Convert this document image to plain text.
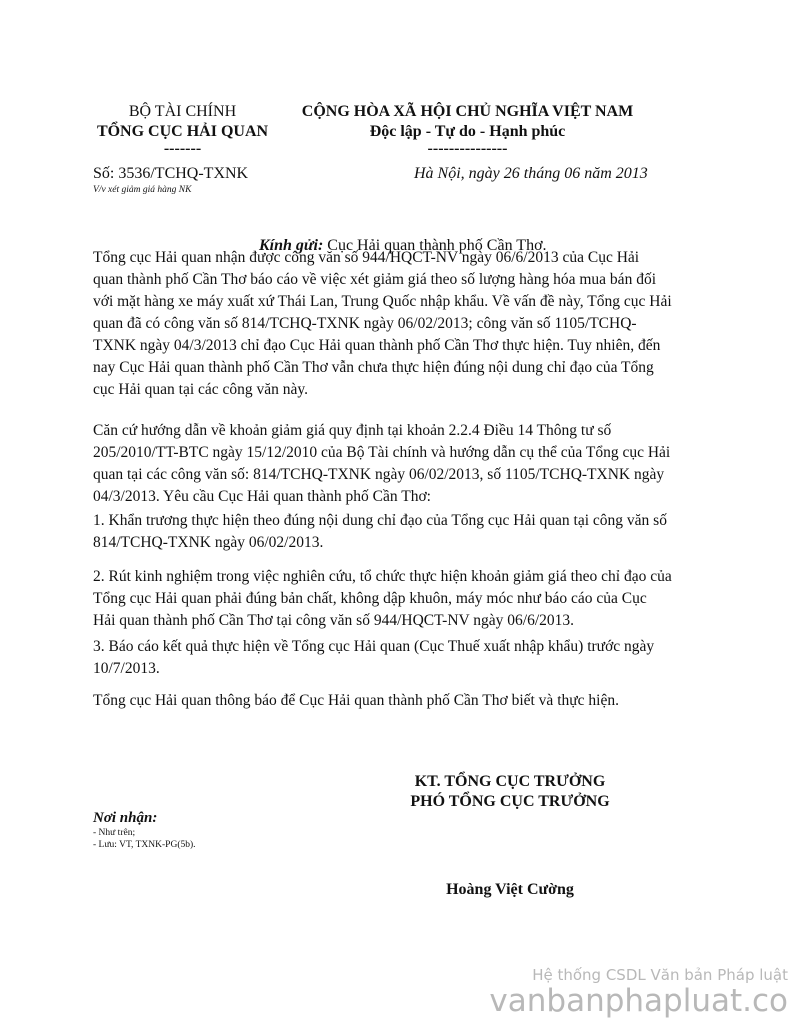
BỘ TÀI CHÍNH
TỔNG CỤC HẢI QUAN
-------
CỘNG HÒA XÃ HỘI CHỦ NGHĨA VIỆT NAM
Độc lập - Tự do - Hạnh phúc
---------------
Số: 3536/TCHQ-TXNK
V/v xét giảm giá hàng NK
Hà Nội, ngày 26 tháng 06 năm 2013
Kính gửi: Cục Hải quan thành phố Cần Thơ.

Tổng cục Hải quan nhận được công văn số 944/HQCT-NV ngày 06/6/2013 của Cục Hải quan thành phố Cần Thơ báo cáo về việc xét giảm giá theo số lượng hàng hóa mua bán đối với mặt hàng xe máy xuất xứ Thái Lan, Trung Quốc nhập khẩu. Về vấn đề này, Tổng cục Hải quan đã có công văn số 814/TCHQ-TXNK ngày 06/02/2013; công văn số 1105/TCHQ-TXNK ngày 04/3/2013 chỉ đạo Cục Hải quan thành phố Cần Thơ thực hiện. Tuy nhiên, đến nay Cục Hải quan thành phố Cần Thơ vẫn chưa thực hiện đúng nội dung chỉ đạo của Tổng cục Hải quan tại các công văn này.

Căn cứ hướng dẫn về khoản giảm giá quy định tại khoản 2.2.4 Điều 14 Thông tư số 205/2010/TT-BTC ngày 15/12/2010 của Bộ Tài chính và hướng dẫn cụ thể của Tổng cục Hải quan tại các công văn số: 814/TCHQ-TXNK ngày 06/02/2013, số 1105/TCHQ-TXNK ngày 04/3/2013. Yêu cầu Cục Hải quan thành phố Cần Thơ:

1. Khẩn trương thực hiện theo đúng nội dung chỉ đạo của Tổng cục Hải quan tại công văn số 814/TCHQ-TXNK ngày 06/02/2013.

2. Rút kinh nghiệm trong việc nghiên cứu, tổ chức thực hiện khoản giảm giá theo chỉ đạo của Tổng cục Hải quan phải đúng bản chất, không dập khuôn, máy móc như báo cáo của Cục Hải quan thành phố Cần Thơ tại công văn số 944/HQCT-NV ngày 06/6/2013.

3. Báo cáo kết quả thực hiện về Tổng cục Hải quan (Cục Thuế xuất nhập khẩu) trước ngày 10/7/2013.

Tổng cục Hải quan thông báo để Cục Hải quan thành phố Cần Thơ biết và thực hiện.

KT. TỔNG CỤC TRƯỞNG
PHÓ TỔNG CỤC TRƯỞNG
Hoàng Việt Cường
Nơi nhận:
- Như trên;
- Lưu: VT, TXNK-PG(5b).
Hệ thống CSDL Văn bản Pháp luật
vanbanphapluat.co
